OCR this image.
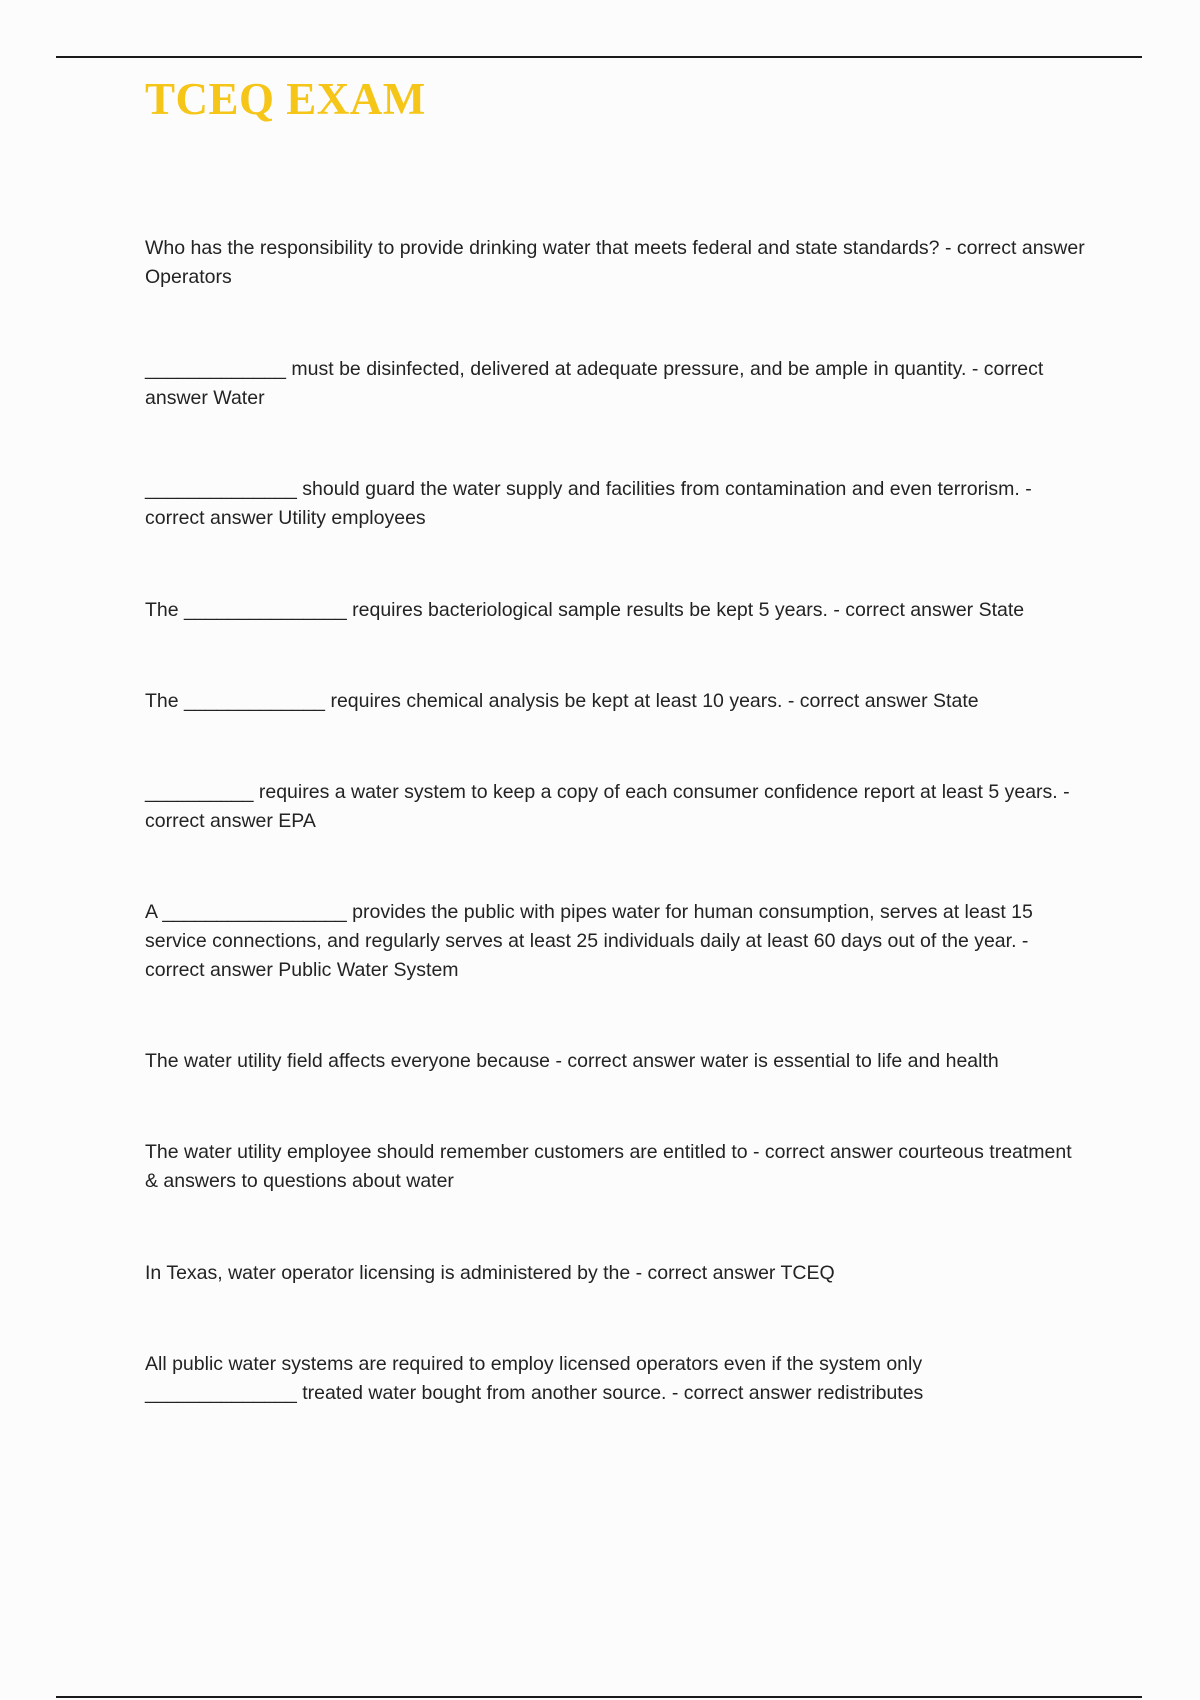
TCEQ EXAM

Who has the responsibility to provide drinking water that meets federal and state standards? - correct answer Operators

_____________ must be disinfected, delivered at adequate pressure, and be ample in quantity. - correct answer Water

______________ should guard the water supply and facilities from contamination and even terrorism. - correct answer Utility employees

The _______________ requires bacteriological sample results be kept 5 years. - correct answer State

The _____________ requires chemical analysis be kept at least 10 years. - correct answer State

__________ requires a water system to keep a copy of each consumer confidence report at least 5 years. - correct answer EPA

A _________________ provides the public with pipes water for human consumption, serves at least 15 service connections, and regularly serves at least 25 individuals daily at least 60 days out of the year. - correct answer Public Water System

The water utility field affects everyone because - correct answer water is essential to life and health

The water utility employee should remember customers are entitled to - correct answer courteous treatment & answers to questions about water

In Texas, water operator licensing is administered by the - correct answer TCEQ

All public water systems are required to employ licensed operators even if the system only
______________ treated water bought from another source. - correct answer redistributes
